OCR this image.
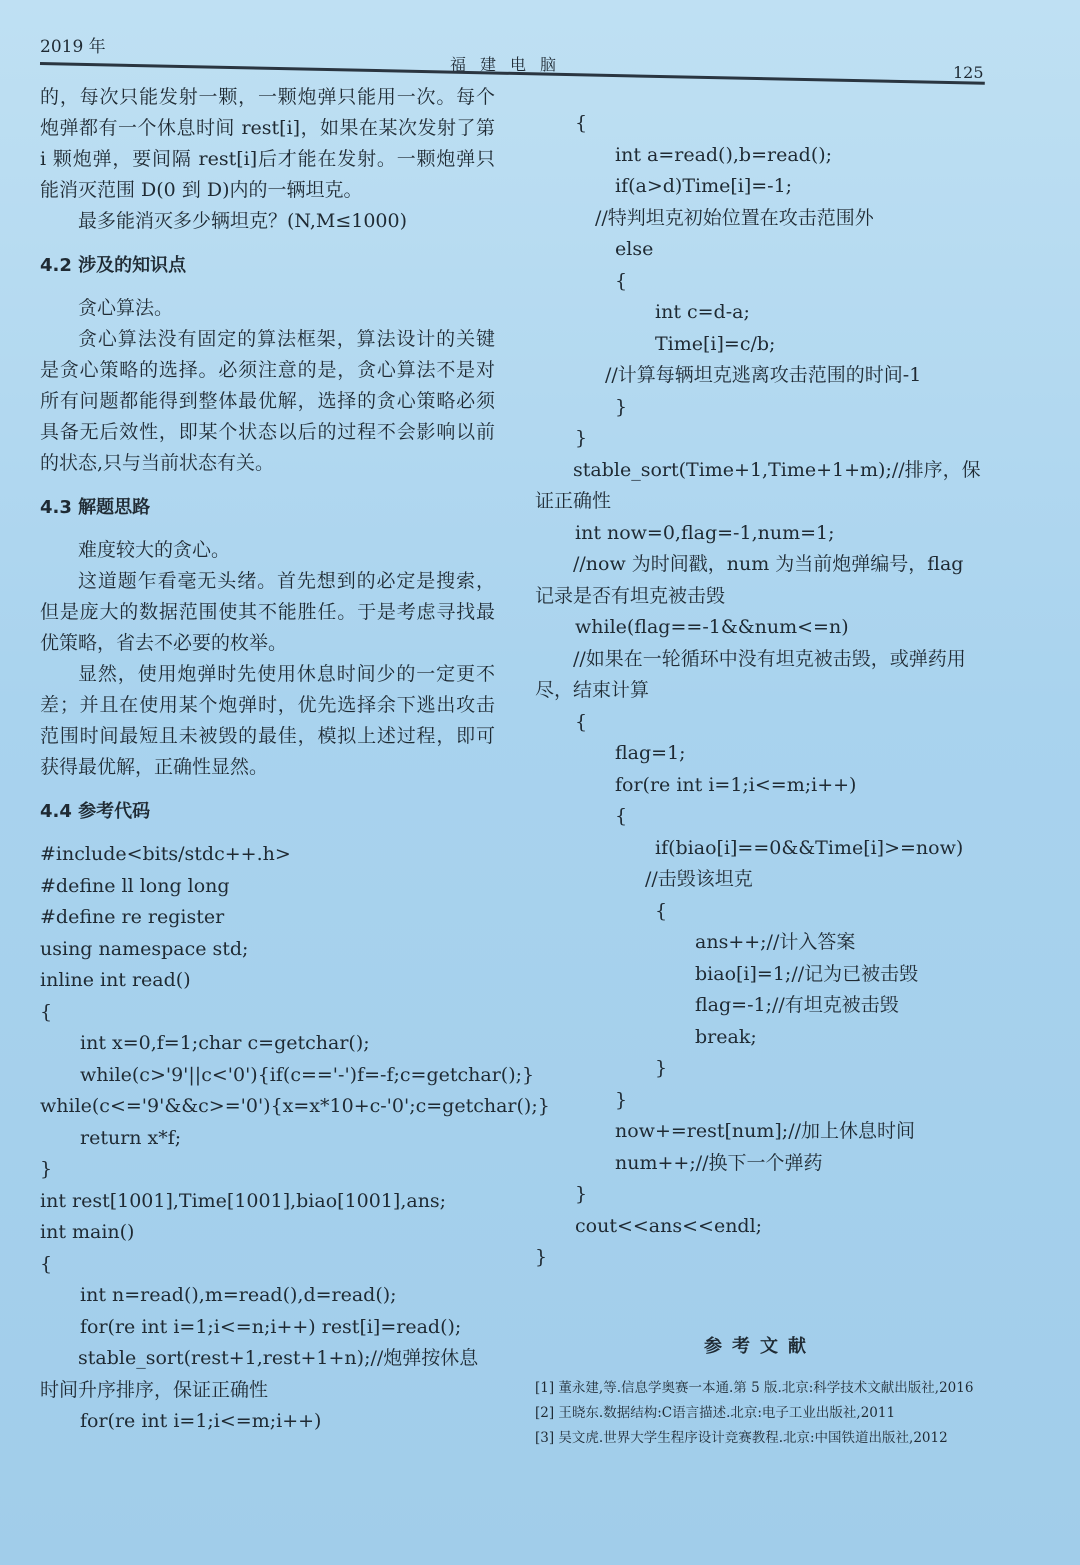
2019 年
福建电脑	125

的，每次只能发射一颗，一颗炮弹只能用一次。每个炮弹都有一个休息时间 rest[i]，如果在某次发射了第 i 颗炮弹，要间隔 rest[i]后才能在发射。一颗炮弹只能消灭范围 D(0 到 D)内的一辆坦克。

最多能消灭多少辆坦克？(N,M≤1000)

4.2 涉及的知识点

贪心算法。

贪心算法没有固定的算法框架，算法设计的关键是贪心策略的选择。必须注意的是，贪心算法不是对所有问题都能得到整体最优解，选择的贪心策略必须具备无后效性，即某个状态以后的过程不会影响以前的状态,只与当前状态有关。

4.3 解题思路

难度较大的贪心。

这道题乍看毫无头绪。首先想到的必定是搜索，但是庞大的数据范围使其不能胜任。于是考虑寻找最优策略，省去不必要的枚举。

显然，使用炮弹时先使用休息时间少的一定更不差；并且在使用某个炮弹时，优先选择余下逃出攻击范围时间最短且未被毁的最佳，模拟上述过程，即可获得最优解，正确性显然。

4.4 参考代码
#include<bits/stdc++.h>
#define ll long long
#define re register
using namespace std;
inline int read()
{
int x=0,f=1;char c=getchar();
while(c>'9'||c<'0'){if(c=='-')f=-f;c=getchar();}
while(c<='9'&&c>='0'){x=x*10+c-'0';c=getchar();}
return x*f;
}
int rest[1001],Time[1001],biao[1001],ans;
int main()
{
int n=read(),m=read(),d=read();
for(re int i=1;i<=n;i++) rest[i]=read();
stable_sort(rest+1,rest+1+n);//炮弹按休息时间升序排序，保证正确性
for(re int i=1;i<=m;i++)
{
int a=read(),b=read();
if(a>d)Time[i]=-1;
//特判坦克初始位置在攻击范围外
else
{
int c=d-a;
Time[i]=c/b;
//计算每辆坦克逃离攻击范围的时间-1
}
}
stable_sort(Time+1,Time+1+m);//排序，保证正确性
int now=0,flag=-1,num=1;
//now 为时间戳，num 为当前炮弹编号，flag 记录是否有坦克被击毁
while(flag==-1&&num<=n)
//如果在一轮循环中没有坦克被击毁，或弹药用尽，结束计算
{
flag=1;
for(re int i=1;i<=m;i++)
{
if(biao[i]==0&&Time[i]>=now)
//击毁该坦克
{
ans++;//计入答案
biao[i]=1;//记为已被击毁
flag=-1;//有坦克被击毁
break;
}
}
now+=rest[num];//加上休息时间
num++;//换下一个弹药
}
cout<<ans<<endl;
}
参考文献

[1] 董永建,等.信息学奥赛一本通.第 5 版.北京:科学技术文献出版社,2016

[2] 王晓东.数据结构:C语言描述.北京:电子工业出版社,2011

[3] 吴文虎.世界大学生程序设计竞赛教程.北京:中国铁道出版社,2012
